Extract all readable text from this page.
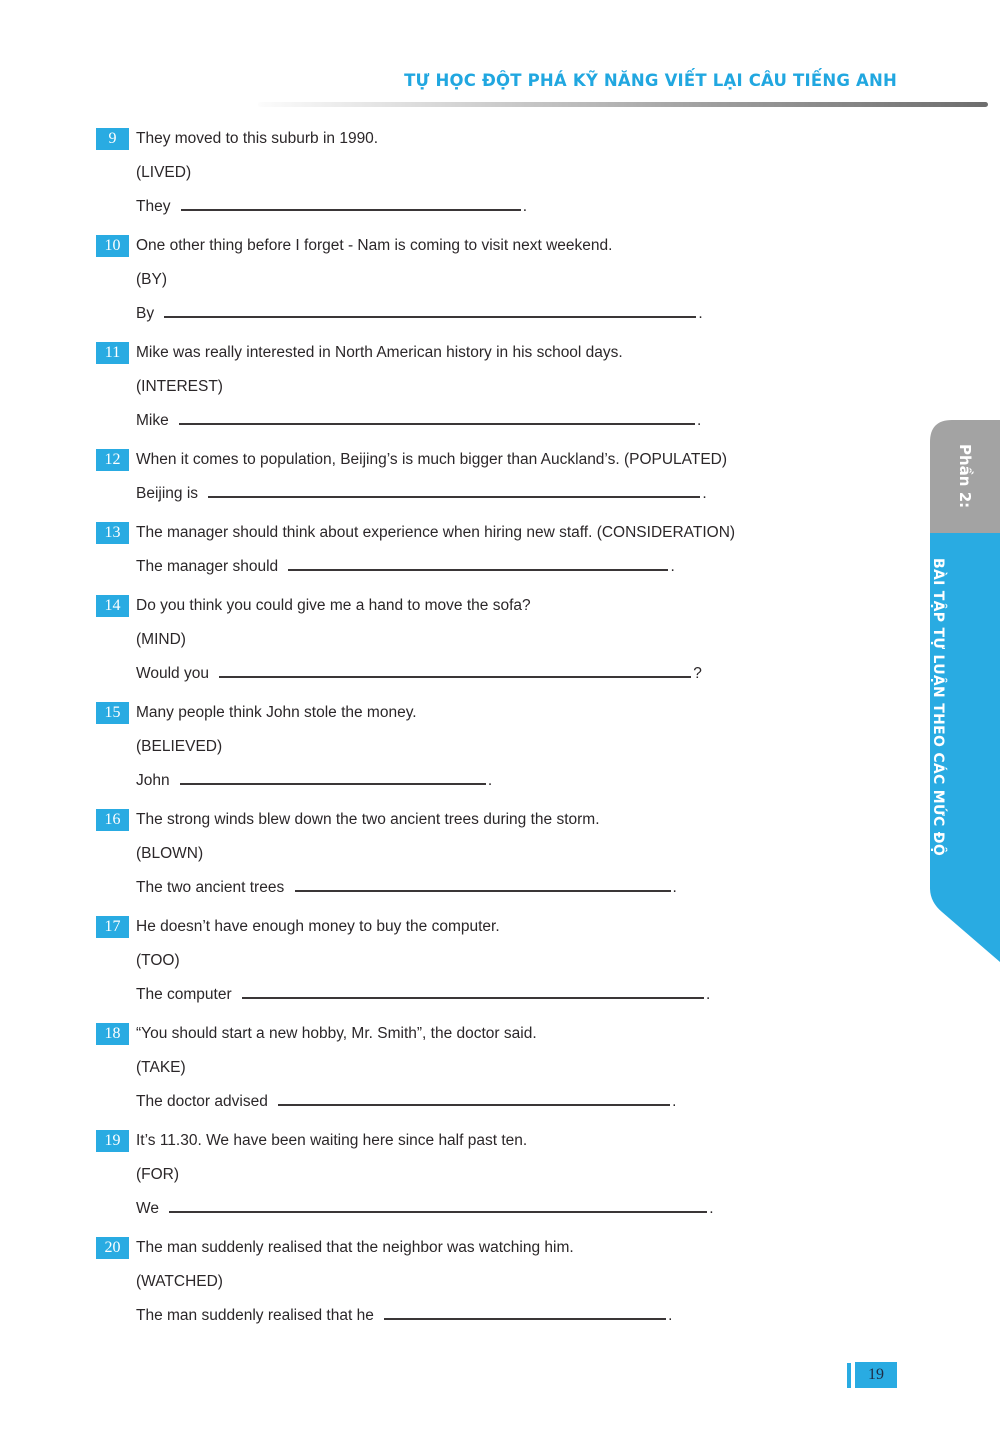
TỰ HỌC ĐỘT PHÁ KỸ NĂNG VIẾT LẠI CÂU TIẾNG ANH
9	They moved to this suburb in 1990.
(LIVED)
They	.
10	One other thing before I forget - Nam is coming to visit next weekend.
(BY)
By	.
11	Mike was really interested in North American history in his school days.
(INTEREST)
Mike	.
12	When it comes to population, Beijing’s is much bigger than Auckland’s. (POPULATED)
Beijing is	.
13	The manager should think about experience when hiring new staff. (CONSIDERATION)
The manager should	.
14	Do you think you could give me a hand to move the sofa?
(MIND)
Would you	?
15	Many people think John stole the money.
(BELIEVED)
John	.
16	The strong winds blew down the two ancient trees during the storm.
(BLOWN)
The two ancient trees	.
17	He doesn’t have enough money to buy the computer.
(TOO)
The computer	.
18	“You should start a new hobby, Mr. Smith”, the doctor said.
(TAKE)
The doctor advised	.
19	It’s 11.30. We have been waiting here since half past ten.
(FOR)
We	.
20	The man suddenly realised that the neighbor was watching him.
(WATCHED)
The man suddenly realised that he	.
Phần 2:
BÀI TẬP TỰ LUẬN THEO CÁC MỨC ĐỘ
19
